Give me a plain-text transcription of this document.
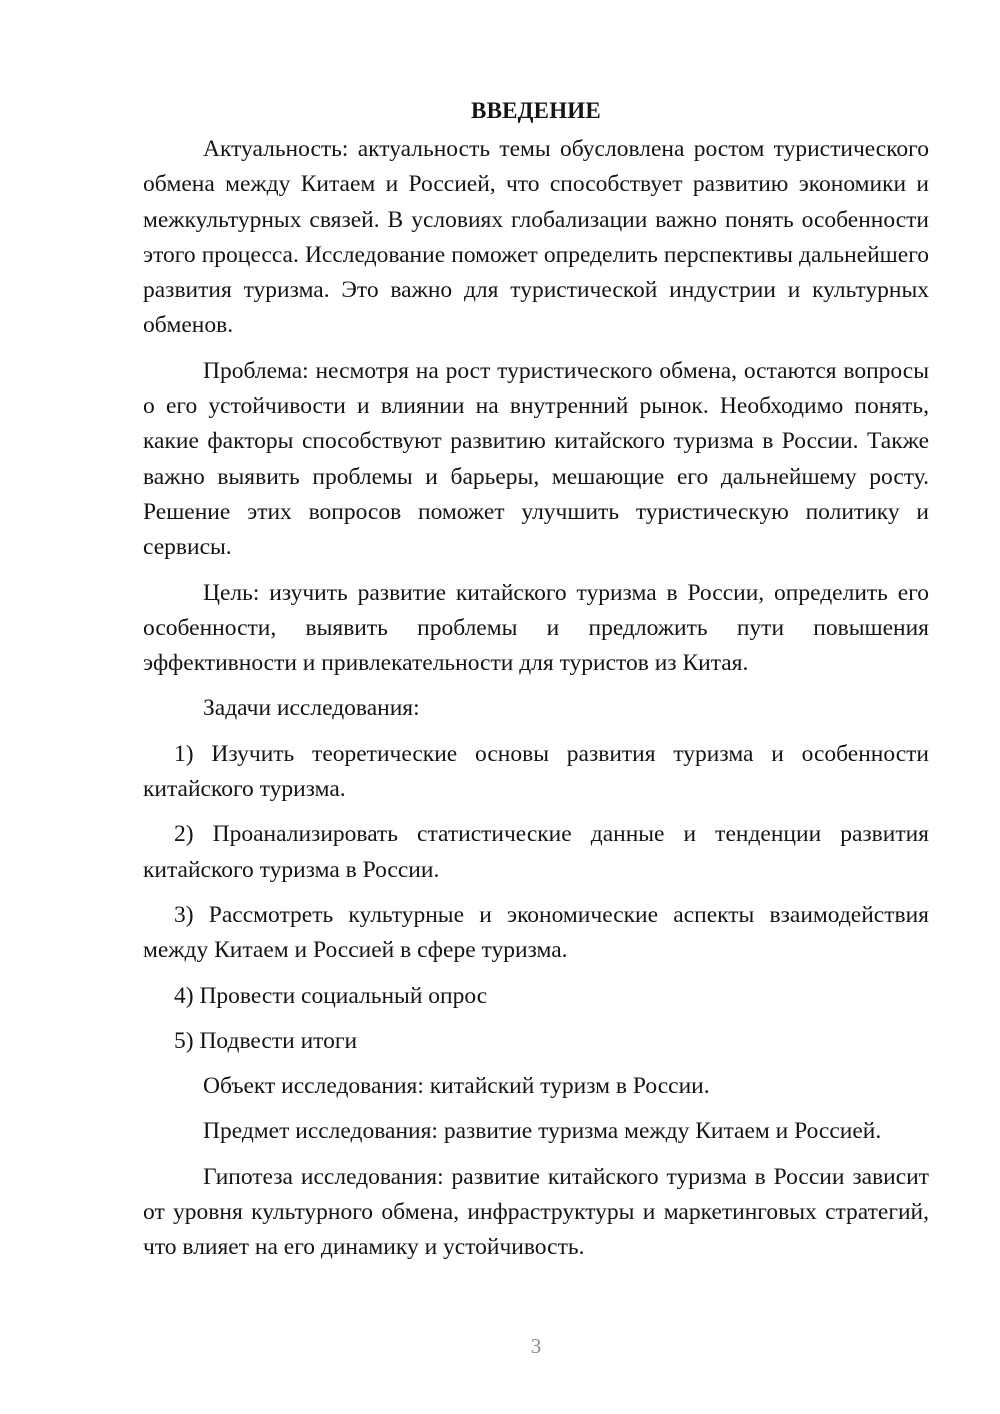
ВВЕДЕНИЕ

Актуальность: актуальность темы обусловлена ростом туристического обмена между Китаем и Россией, что способствует развитию экономики и межкультурных связей. В условиях глобализации важно понять особенности этого процесса. Исследование поможет определить перспективы дальнейшего развития туризма. Это важно для туристической индустрии и культурных обменов.

Проблема: несмотря на рост туристического обмена, остаются вопросы о его устойчивости и влиянии на внутренний рынок. Необходимо понять, какие факторы способствуют развитию китайского туризма в России. Также важно выявить проблемы и барьеры, мешающие его дальнейшему росту. Решение этих вопросов поможет улучшить туристическую политику и сервисы.

Цель: изучить развитие китайского туризма в России, определить его особенности, выявить проблемы и предложить пути повышения эффективности и привлекательности для туристов из Китая.

Задачи исследования:

1) Изучить теоретические основы развития туризма и особенности китайского туризма.

2) Проанализировать статистические данные и тенденции развития китайского туризма в России.

3) Рассмотреть культурные и экономические аспекты взаимодействия между Китаем и Россией в сфере туризма.

4) Провести социальный опрос

5) Подвести итоги

Объект исследования: китайский туризм в России.

Предмет исследования: развитие туризма между Китаем и Россией.

Гипотеза исследования: развитие китайского туризма в России зависит от уровня культурного обмена, инфраструктуры и маркетинговых стратегий, что влияет на его динамику и устойчивость.

3
